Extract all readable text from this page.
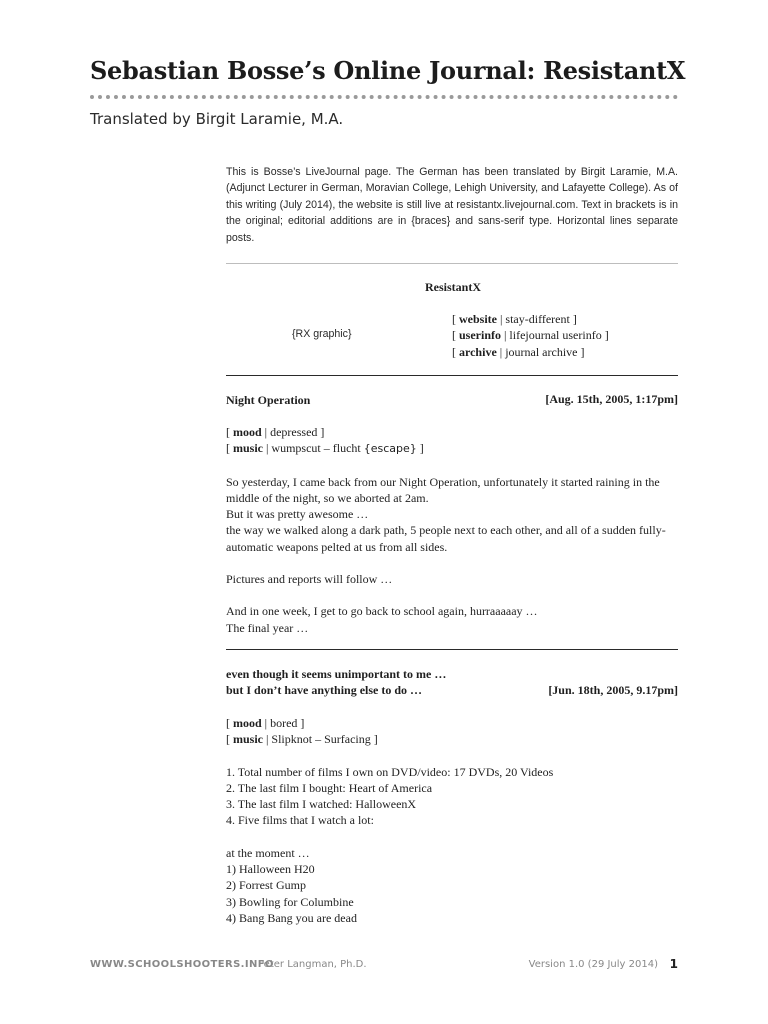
Sebastian Bosse’s Online Journal: ResistantX
Translated by Birgit Laramie, M.A.
This is Bosse’s LiveJournal page. The German has been translated by Birgit Laramie, M.A. (Adjunct Lecturer in German, Moravian College, Lehigh University, and Lafayette College). As of this writing (July 2014), the website is still live at resistantx.livejournal.com. Text in brackets is in the original; editorial additions are in {braces} and sans-serif type. Horizontal lines separate posts.
ResistantX
{RX graphic}
[ website | stay-different ]
[ userinfo | lifejournal userinfo ]
[ archive | journal archive ]
Night Operation	[Aug. 15th, 2005, 1:17pm]

[ mood | depressed ]

[ music | wumpscut – flucht {escape} ]

So yesterday, I came back from our Night Operation, unfortunately it started raining in the middle of the night, so we aborted at 2am.

But it was pretty awesome …

the way we walked along a dark path, 5 people next to each other, and all of a sudden fully-automatic weapons pelted at us from all sides.

Pictures and reports will follow …

And in one week, I get to go back to school again, hurraaaaay …

The final year …

even though it seems unimportant to me …
but I don’t have anything else to do …	[Jun. 18th, 2005, 9.17pm]

[ mood | bored ]

[ music | Slipknot – Surfacing ]

1. Total number of films I own on DVD/video: 17 DVDs, 20 Videos

2. The last film I bought: Heart of America

3. The last film I watched: HalloweenX

4. Five films that I watch a lot:

at the moment …

1) Halloween H20

2) Forrest Gump

3) Bowling for Columbine

4) Bang Bang you are dead

WWW.SCHOOLSHOOTERS.INFO
Peter Langman, Ph.D.	Version 1.0 (29 July 2014) 1
